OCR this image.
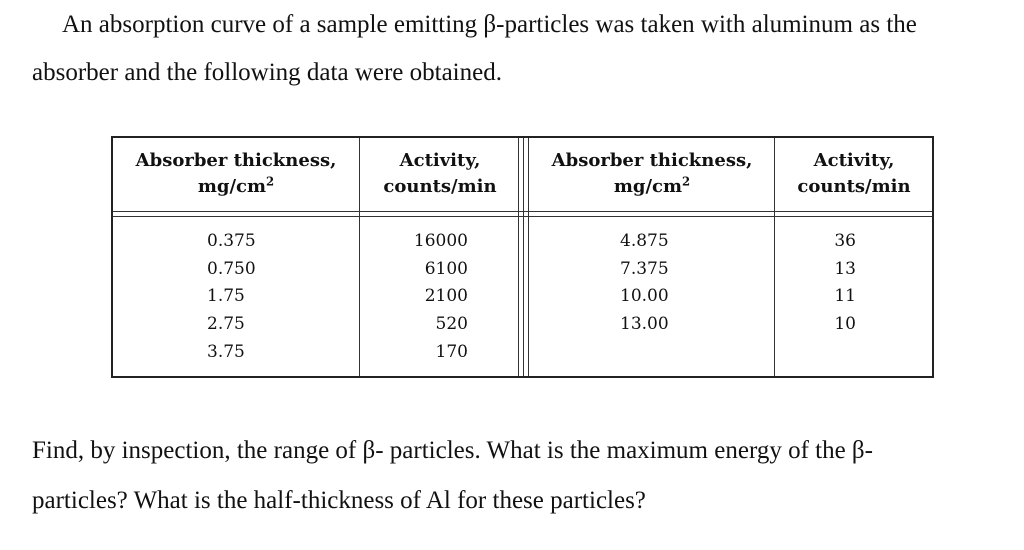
An absorption curve of a sample emitting β-particles was taken with aluminum as the
absorber and the following data were obtained.
Absorber thickness,
$mg/cm^2$
Activity,
counts/min
Absorber thickness,
$mg/cm^2$
Activity,
counts/min
0.375
0.750
1.75
2.75
3.75
16000

6100

2100

520

170
4.875
7.375
10.00
13.00
36

13

11

10
Find, by inspection, the range of β- particles. What is the maximum energy of the β-
particles? What is the half-thickness of Al for these particles?
